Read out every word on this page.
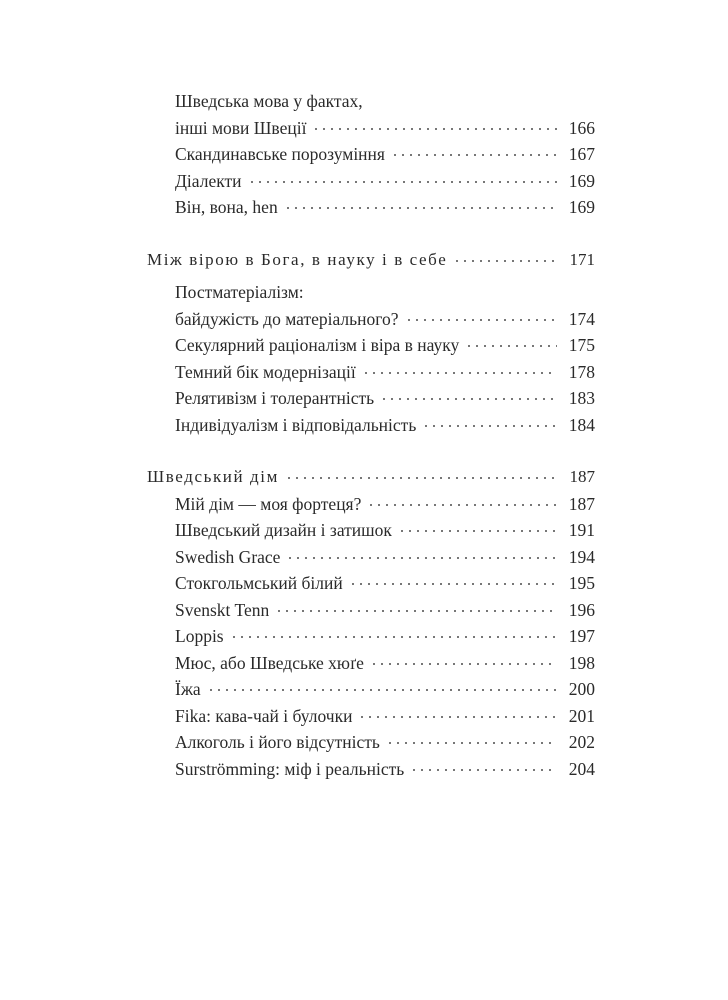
Шведська мова у фактах,
інші мови Швеції	166
Скандинавське порозуміння	167
Діалекти	169
Він, вона, hen	169
Між вірою в Бога, в науку і в себе	171
Постматеріалізм:
байдужість до матеріального?	174
Секулярний раціоналізм і віра в науку	175
Темний бік модернізації	178
Релятивізм і толерантність	183
Індивідуалізм і відповідальність	184
Шведський дім	187
Мій дім — моя фортеця?	187
Шведський дизайн і затишок	191
Swedish Grace	194
Стокгольмський білий	195
Svenskt Tenn	196
Loppis	197
Мюс, або Шведське хюґе	198
Їжа	200
Fika: кава-чай і булочки	201
Алкоголь і його відсутність	202
Surströmming: міф і реальність	204
